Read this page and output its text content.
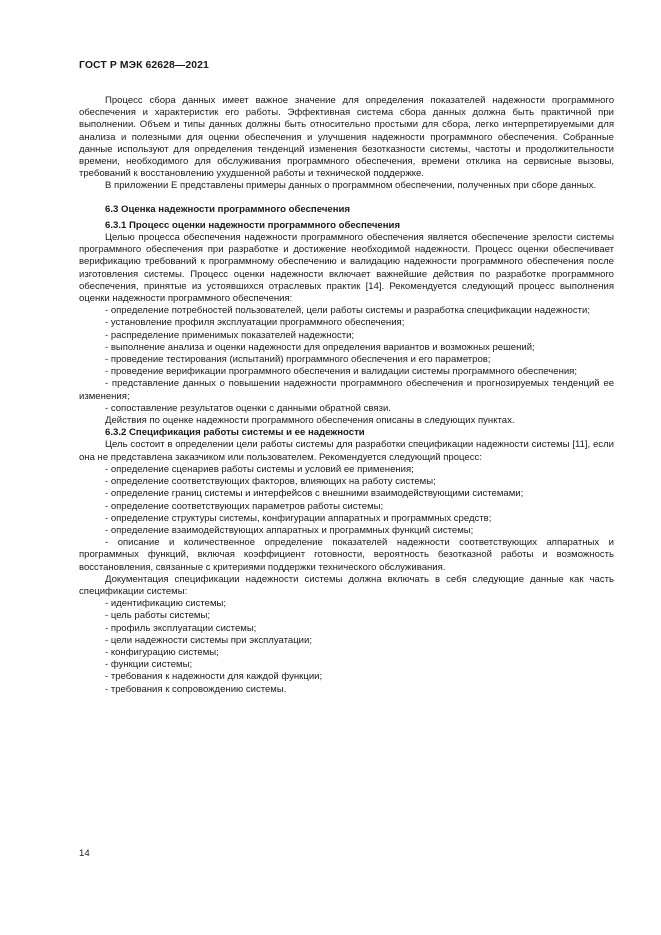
ГОСТ Р МЭК 62628—2021

Процесс сбора данных имеет важное значение для определения показателей надежности программного обеспечения и характеристик его работы. Эффективная система сбора данных должна быть практичной при выполнении. Объем и типы данных должны быть относительно простыми для сбора, легко интерпретируемыми для анализа и полезными для оценки обеспечения и улучшения надежности программного обеспечения. Собранные данные используют для определения тенденций изменения безотказности системы, частоты и продолжительности времени, необходимого для обслуживания программного обеспечения, времени отклика на сервисные вызовы, требований к восстановлению ухудшенной работы и технической поддержке.

В приложении Е представлены примеры данных о программном обеспечении, полученных при сборе данных.

6.3 Оценка надежности программного обеспечения
6.3.1 Процесс оценки надежности программного обеспечения

Целью процесса обеспечения надежности программного обеспечения является обеспечение зрелости системы программного обеспечения при разработке и достижение необходимой надежности. Процесс оценки обеспечивает верификацию требований к программному обеспечению и валидацию надежности программного обеспечения после изготовления системы. Процесс оценки надежности включает важнейшие действия по разработке программного обеспечения, принятые из устоявшихся отраслевых практик [14]. Рекомендуется следующий процесс выполнения оценки надежности программного обеспечения:

- определение потребностей пользователей, цели работы системы и разработка спецификации надежности;
- установление профиля эксплуатации программного обеспечения;
- распределение применимых показателей надежности;
- выполнение анализа и оценки надежности для определения вариантов и возможных решений;
- проведение тестирования (испытаний) программного обеспечения и его параметров;
- проведение верификации программного обеспечения и валидации системы программного обеспечения;
- представление данных о повышении надежности программного обеспечения и прогнозируемых тенденций ее изменения;
- сопоставление результатов оценки с данными обратной связи.

Действия по оценке надежности программного обеспечения описаны в следующих пунктах.

6.3.2 Спецификация работы системы и ее надежности

Цель состоит в определении цели работы системы для разработки спецификации надежности системы [11], если она не представлена заказчиком или пользователем. Рекомендуется следующий процесс:

- определение сценариев работы системы и условий ее применения;
- определение соответствующих факторов, влияющих на работу системы;
- определение границ системы и интерфейсов с внешними взаимодействующими системами;
- определение соответствующих параметров работы системы;
- определение структуры системы, конфигурации аппаратных и программных средств;
- определение взаимодействующих аппаратных и программных функций системы;
- описание и количественное определение показателей надежности соответствующих аппаратных и программных функций, включая коэффициент готовности, вероятность безотказной работы и возможность восстановления, связанные с критериями поддержки технического обслуживания.

Документация спецификации надежности системы должна включать в себя следующие данные как часть спецификации системы:

- идентификацию системы;
- цель работы системы;
- профиль эксплуатации системы;
- цели надежности системы при эксплуатации;
- конфигурацию системы;
- функции системы;
- требования к надежности для каждой функции;
- требования к сопровождению системы.
14
